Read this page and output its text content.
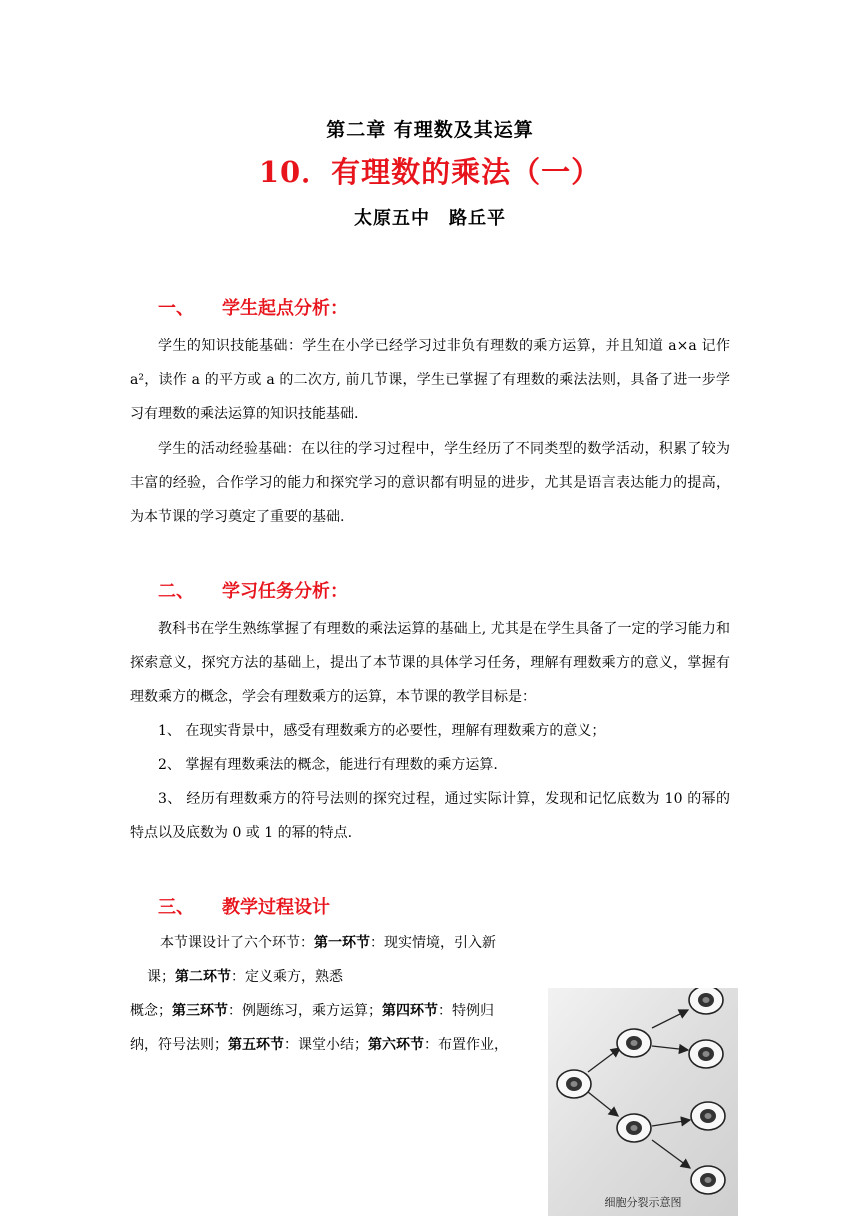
第二章 有理数及其运算
10．有理数的乘法（一）
太原五中　路丘平
一、 学生起点分析：
学生的知识技能基础：学生在小学已经学习过非负有理数的乘方运算，并且知道 a×a 记作 a²，读作 a 的平方或 a 的二次方, 前几节课，学生已掌握了有理数的乘法法则，具备了进一步学习有理数的乘法运算的知识技能基础.
学生的活动经验基础：在以往的学习过程中，学生经历了不同类型的数学活动，积累了较为丰富的经验，合作学习的能力和探究学习的意识都有明显的进步，尤其是语言表达能力的提高，为本节课的学习奠定了重要的基础.
二、 学习任务分析：
教科书在学生熟练掌握了有理数的乘法运算的基础上, 尤其是在学生具备了一定的学习能力和探索意义，探究方法的基础上，提出了本节课的具体学习任务，理解有理数乘方的意义，掌握有理数乘方的概念，学会有理数乘方的运算，本节课的教学目标是：
1、 在现实背景中，感受有理数乘方的必要性，理解有理数乘方的意义；
2、 掌握有理数乘法的概念，能进行有理数的乘方运算.
3、 经历有理数乘方的符号法则的探究过程，通过实际计算，发现和记忆底数为 10 的幂的特点以及底数为 0 或 1 的幂的特点.
三、 教学过程设计
本节课设计了六个环节：第一环节：现实情境，引入新
课；第二环节：定义乘方，熟悉
概念；第三环节：例题练习，乘方运算；第四环节：特例归
纳，符号法则；第五环节：课堂小结；第六环节：布置作业，
细胞分裂示意图
